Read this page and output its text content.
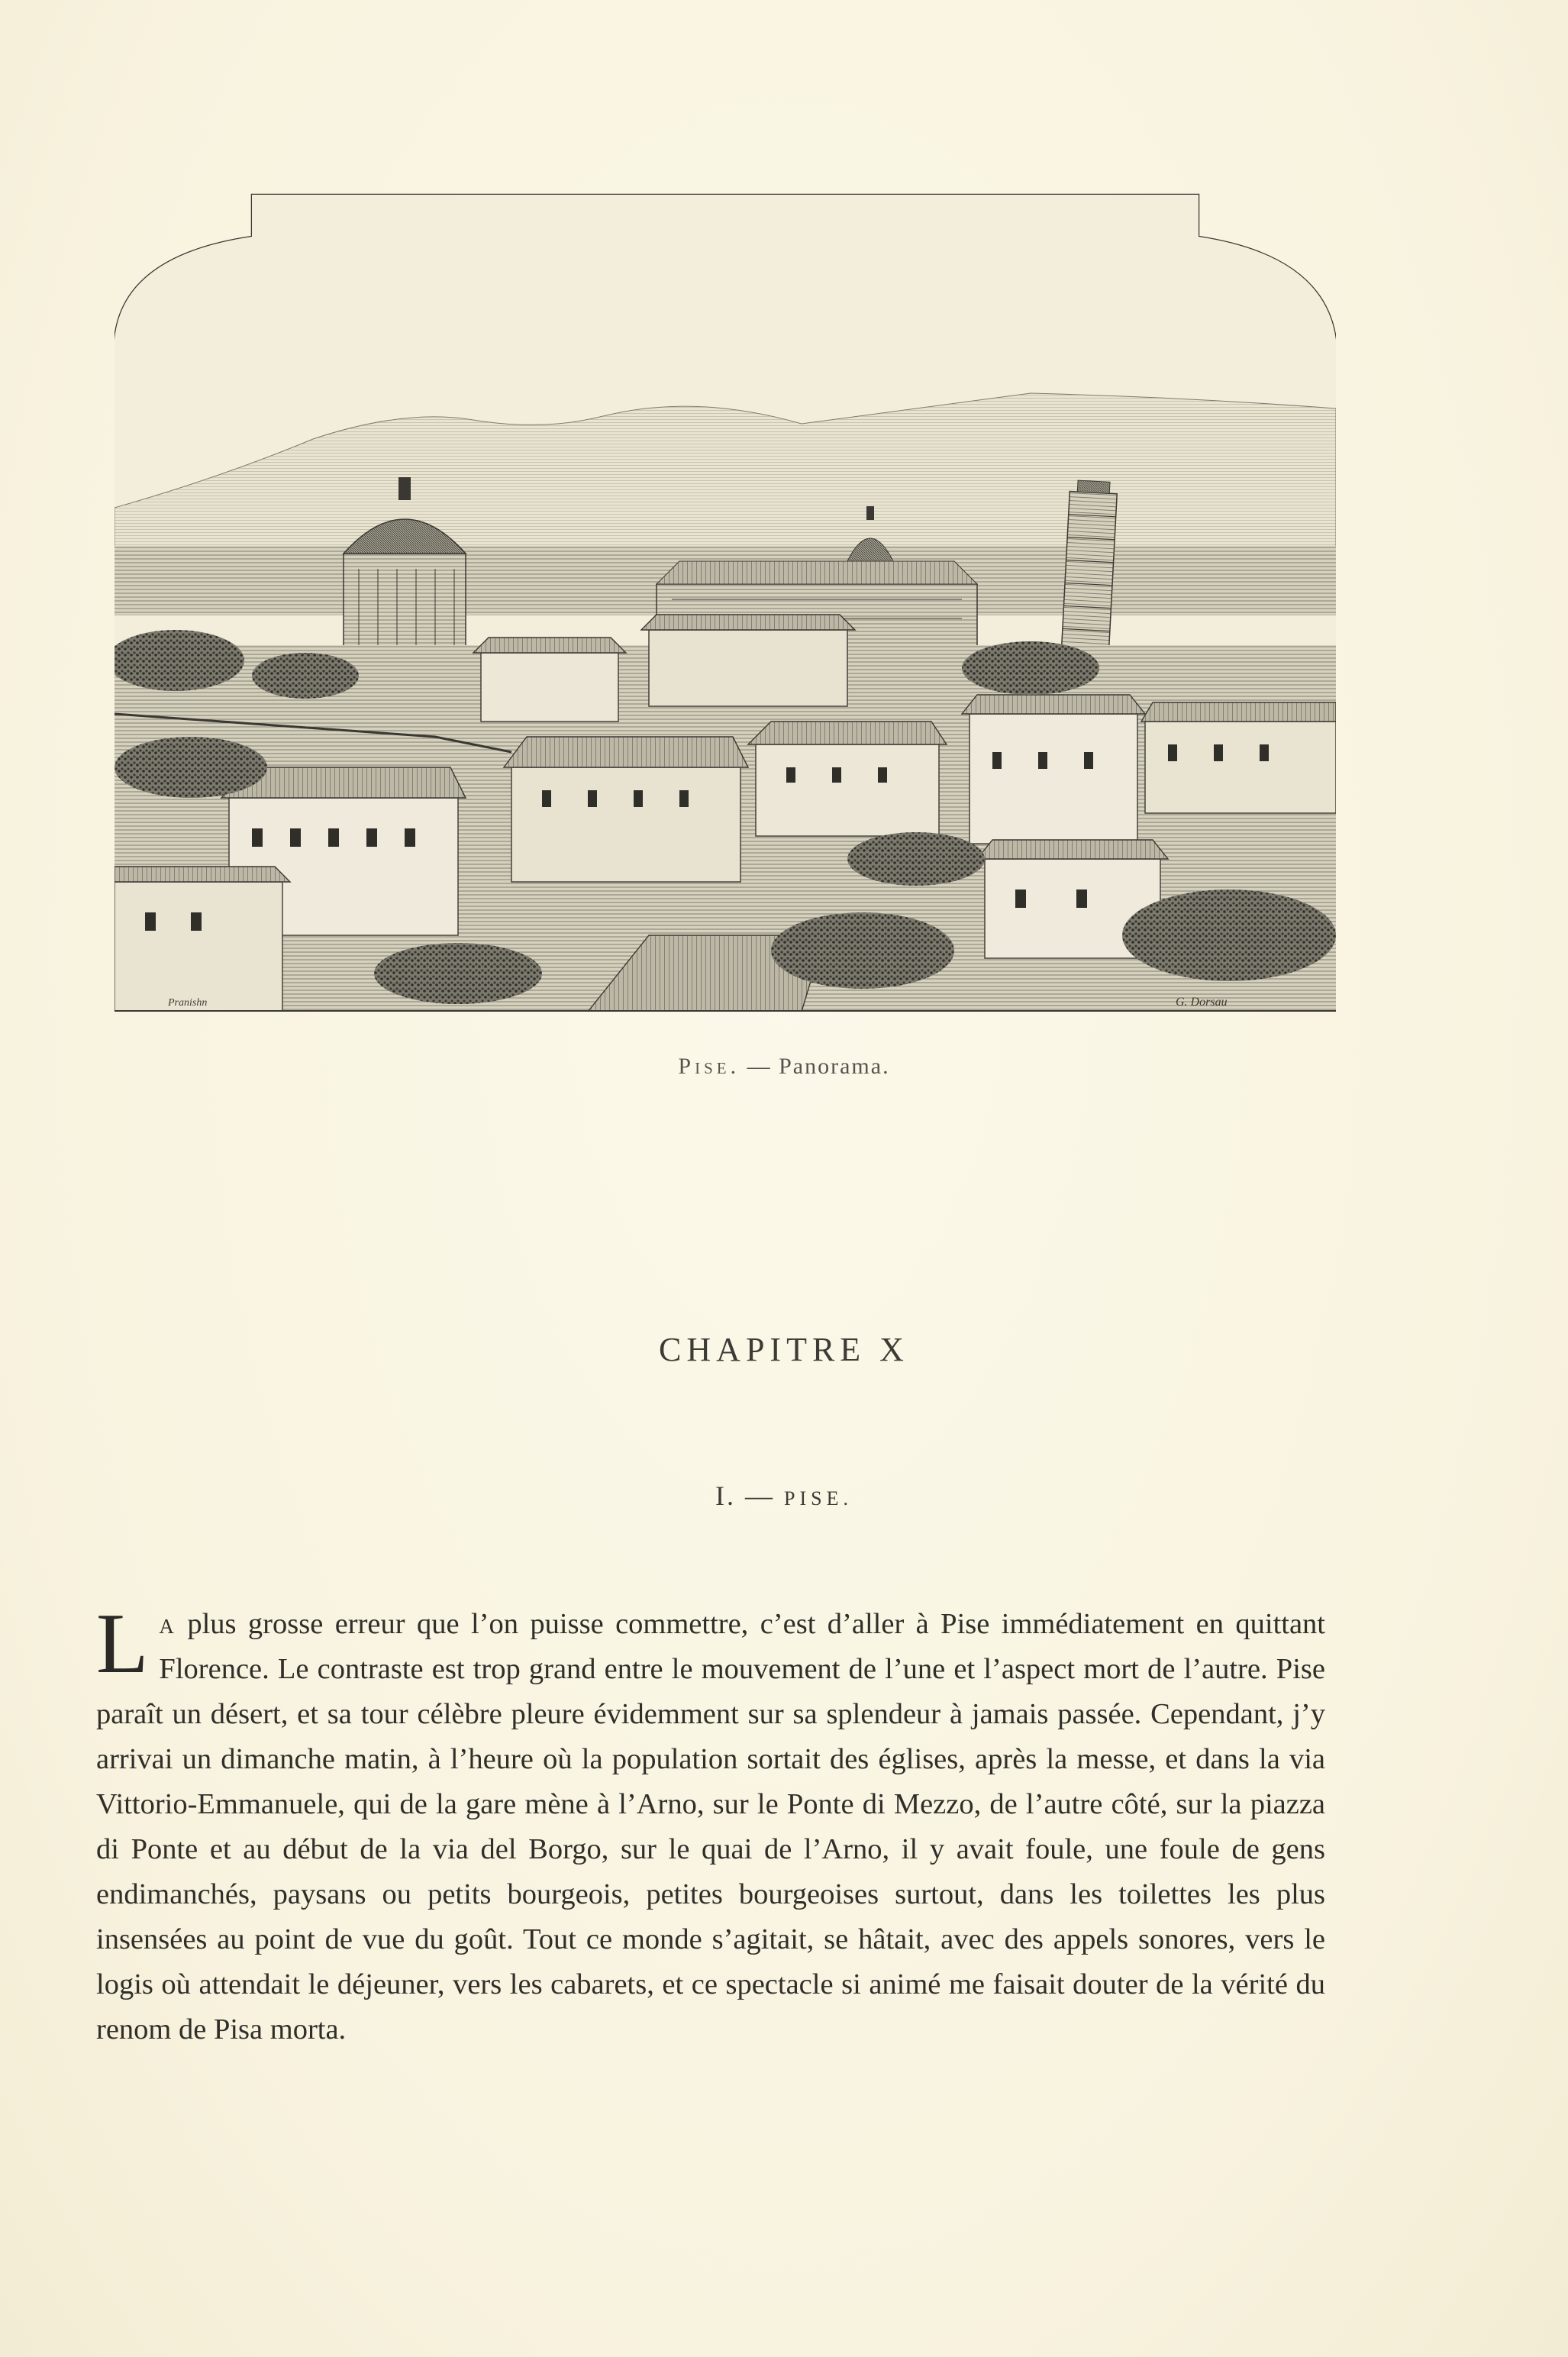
Pranishn	G. Dorsau
Pise. — Panorama.
CHAPITRE X
I. — PISE.
La plus grosse erreur que l’on puisse commettre, c’est d’aller à Pise immédiatement en quittant Florence. Le contraste est trop grand entre le mouvement de l’une et l’aspect mort de l’autre. Pise paraît un désert, et sa tour célèbre pleure évidemment sur sa splendeur à jamais passée. Cependant, j’y arrivai un dimanche matin, à l’heure où la population sortait des églises, après la messe, et dans la via Vittorio-Emmanuele, qui de la gare mène à l’Arno, sur le Ponte di Mezzo, de l’autre côté, sur la piazza di Ponte et au début de la via del Borgo, sur le quai de l’Arno, il y avait foule, une foule de gens endimanchés, paysans ou petits bourgeois, petites bourgeoises surtout, dans les toilettes les plus insensées au point de vue du goût. Tout ce monde s’agitait, se hâtait, avec des appels sonores, vers le logis où attendait le déjeuner, vers les cabarets, et ce spectacle si animé me faisait douter de la vérité du renom de Pisa morta.
